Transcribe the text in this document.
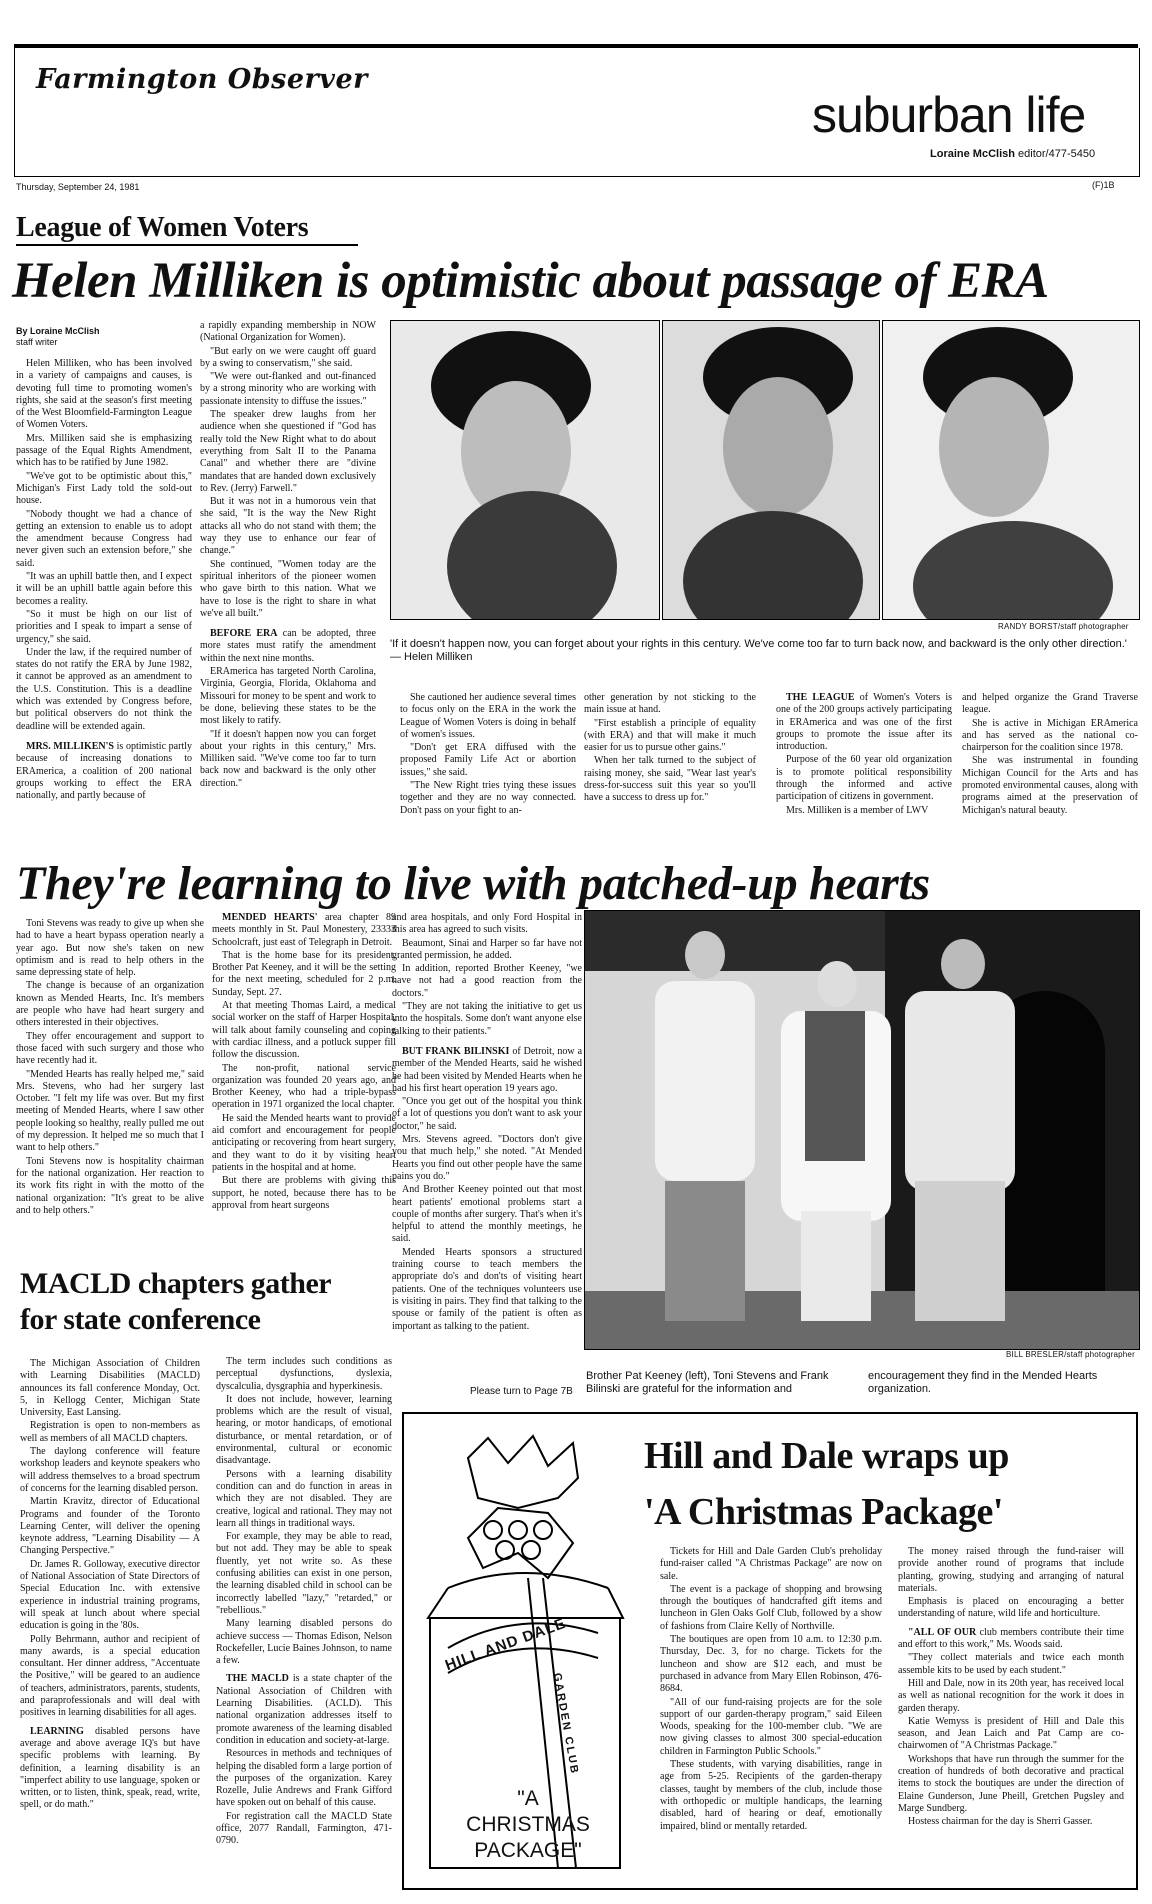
Farmington Observer
suburban life
Loraine McClish editor/477-5450
Thursday, September 24, 1981	(F)1B
League of Women Voters
Helen Milliken is optimistic about passage of ERA
By Loraine McClish
staff writer

Helen Milliken, who has been involved in a variety of campaigns and causes, is devoting full time to promoting women's rights, she said at the season's first meeting of the West Bloomfield-Farmington League of Women Voters.

Mrs. Milliken said she is emphasizing passage of the Equal Rights Amendment, which has to be ratified by June 1982.

"We've got to be optimistic about this," Michigan's First Lady told the sold-out house.

"Nobody thought we had a chance of getting an extension to enable us to adopt the amendment because Congress had never given such an extension before," she said.

"It was an uphill battle then, and I expect it will be an uphill battle again before this becomes a reality.

"So it must be high on our list of priorities and I speak to impart a sense of urgency," she said.

Under the law, if the required number of states do not ratify the ERA by June 1982, it cannot be approved as an amendment to the U.S. Constitution. This is a deadline which was extended by Congress before, but political observers do not think the deadline will be extended again.

MRS. MILLIKEN'S is optimistic partly because of increasing donations to ERAmerica, a coalition of 200 national groups working to effect the ERA nationally, and partly because of

a rapidly expanding membership in NOW (National Organization for Women).

"But early on we were caught off guard by a swing to conservatism," she said.

"We were out-flanked and out-financed by a strong minority who are working with passionate intensity to diffuse the issues."

The speaker drew laughs from her audience when she questioned if "God has really told the New Right what to do about everything from Salt II to the Panama Canal" and whether there are "divine mandates that are handed down exclusively to Rev. (Jerry) Farwell."

But it was not in a humorous vein that she said, "It is the way the New Right attacks all who do not stand with them; the way they use to enhance our fear of change."

She continued, "Women today are the spiritual inheritors of the pioneer women who gave birth to this nation. What we have to lose is the right to share in what we've all built."

BEFORE ERA can be adopted, three more states must ratify the amendment within the next nine months.

ERAmerica has targeted North Carolina, Virginia, Georgia, Florida, Oklahoma and Missouri for money to be spent and work to be done, believing these states to be the most likely to ratify.

"If it doesn't happen now you can forget about your rights in this century," Mrs. Milliken said. "We've come too far to turn back now and backward is the only other direction."

RANDY BORST/staff photographer
'If it doesn't happen now, you can forget about your rights in this century. We've come too far to turn back now, and backward is the only other direction.' — Helen Milliken

She cautioned her audience several times to focus only on the ERA in the work the League of Women Voters is doing in behalf of women's issues.

"Don't get ERA diffused with the proposed Family Life Act or abortion issues," she said.

"The New Right tries tying these issues together and they are no way connected. Don't pass on your fight to an-

other generation by not sticking to the main issue at hand.

"First establish a principle of equality (with ERA) and that will make it much easier for us to pursue other gains."

When her talk turned to the subject of raising money, she said, "Wear last year's dress-for-success suit this year so you'll have a success to dress up for."

THE LEAGUE of Women's Voters is one of the 200 groups actively participating in ERAmerica and was one of the first groups to promote the issue after its introduction.

Purpose of the 60 year old organization is to promote political responsibility through the informed and active participation of citizens in government.

Mrs. Milliken is a member of LWV

and helped organize the Grand Traverse league.

She is active in Michigan ERAmerica and has served as the national co-chairperson for the coalition since 1978.

She was instrumental in founding Michigan Council for the Arts and has promoted environmental causes, along with programs aimed at the preservation of Michigan's natural beauty.

They're learning to live with patched-up hearts

Toni Stevens was ready to give up when she had to have a heart bypass operation nearly a year ago. But now she's taken on new optimism and is read to help others in the same depressing state of help.

The change is because of an organization known as Mended Hearts, Inc. It's members are people who have had heart surgery and others interested in their objectives.

They offer encouragement and support to those faced with such surgery and those who have recently had it.

"Mended Hearts has really helped me," said Mrs. Stevens, who had her surgery last October. "I felt my life was over. But my first meeting of Mended Hearts, where I saw other people looking so healthy, really pulled me out of my depression. It helped me so much that I want to help others."

Toni Stevens now is hospitality chairman for the national organization. Her reaction to its work fits right in with the motto of the national organization: "It's great to be alive and to help others."

MENDED HEARTS' area chapter 89 meets monthly in St. Paul Monestery, 23333 Schoolcraft, just east of Telegraph in Detroit.

That is the home base for its president, Brother Pat Keeney, and it will be the setting for the next meeting, scheduled for 2 p.m. Sunday, Sept. 27.

At that meeting Thomas Laird, a medical social worker on the staff of Harper Hospital, will talk about family counseling and coping with cardiac illness, and a potluck supper fill follow the discussion.

The non-profit, national service organization was founded 20 years ago, and Brother Keeney, who had a triple-bypass operation in 1971 organized the local chapter.

He said the Mended hearts want to provide aid comfort and encouragement for people anticipating or recovering from heart surgery, and they want to do it by visiting heart patients in the hospital and at home.

But there are problems with giving this support, he noted, because there has to be approval from heart surgeons

and area hospitals, and only Ford Hospital in this area has agreed to such visits.

Beaumont, Sinai and Harper so far have not granted permission, he added.

In addition, reported Brother Keeney, "we have not had a good reaction from the doctors."

"They are not taking the initiative to get us into the hospitals. Some don't want anyone else talking to their patients."

BUT FRANK BILINSKI of Detroit, now a member of the Mended Hearts, said he wished he had been visited by Mended Hearts when he had his first heart operation 19 years ago.

"Once you get out of the hospital you think of a lot of questions you don't want to ask your doctor," he said.

Mrs. Stevens agreed. "Doctors don't give you that much help," she noted. "At Mended Hearts you find out other people have the same pains you do."

And Brother Keeney pointed out that most heart patients' emotional problems start a couple of months after surgery. That's when it's helpful to attend the monthly meetings, he said.

Mended Hearts sponsors a structured training course to teach members the appropriate do's and don'ts of visiting heart patients. One of the techniques volunteers use is visiting in pairs. They find that talking to the spouse or family of the patient is often as important as talking to the patient.

Please turn to Page 7B
BILL BRESLER/staff photographer
Brother Pat Keeney (left), Toni Stevens and Frank Bilinski are grateful for the information and encouragement they find in the Mended Hearts organization.
MACLD chapters gather
for state conference

The Michigan Association of Children with Learning Disabilities (MACLD) announces its fall conference Monday, Oct. 5, in Kellogg Center, Michigan State University, East Lansing.

Registration is open to non-members as well as members of all MACLD chapters.

The daylong conference will feature workshop leaders and keynote speakers who will address themselves to a broad spectrum of concerns for the learning disabled person.

Martin Kravitz, director of Educational Programs and founder of the Toronto Learning Center, will deliver the opening keynote address, "Learning Disability — A Changing Perspective."

Dr. James R. Golloway, executive director of National Association of State Directors of Special Education Inc. with extensive experience in industrial training programs, will speak at lunch about where special education is going in the '80s.

Polly Behrmann, author and recipient of many awards, is a special education consultant. Her dinner address, "Accentuate the Positive," will be geared to an audience of teachers, administrators, parents, students, and paraprofessionals and will deal with positives in learning disabilities for all ages.

LEARNING disabled persons have average and above average IQ's but have specific problems with learning. By definition, a learning disability is an "imperfect ability to use language, spoken or written, or to listen, think, speak, read, write, spell, or do math."

The term includes such conditions as perceptual dysfunctions, dyslexia, dyscalculia, dysgraphia and hyperkinesis.

It does not include, however, learning problems which are the result of visual, hearing, or motor handicaps, of emotional disturbance, or mental retardation, or of environmental, cultural or economic disadvantage.

Persons with a learning disability condition can and do function in areas in which they are not disabled. They are creative, logical and rational. They may not learn all things in traditional ways.

For example, they may be able to read, but not add. They may be able to speak fluently, yet not write so. As these confusing abilities can exist in one person, the learning disabled child in school can be incorrectly labelled "lazy," "retarded," or "rebellious."

Many learning disabled persons do achieve success — Thomas Edison, Nelson Rockefeller, Lucie Baines Johnson, to name a few.

THE MACLD is a state chapter of the National Association of Children with Learning Disabilities. (ACLD). This national organization addresses itself to promote awareness of the learning disabled condition in education and society-at-large.

Resources in methods and techniques of helping the disabled form a large portion of the purposes of the organization. Karey Rozelle, Julie Andrews and Frank Gifford have spoken out on behalf of this cause.

For registration call the MACLD State office, 2077 Randall, Farmington, 471-0790.

Hill and Dale wraps up
'A Christmas Package'
HILL AND DALE
GARDEN CLUB
"A
CHRISTMAS
PACKAGE"

Tickets for Hill and Dale Garden Club's preholiday fund-raiser called "A Christmas Package" are now on sale.

The event is a package of shopping and browsing through the boutiques of handcrafted gift items and luncheon in Glen Oaks Golf Club, followed by a show of fashions from Claire Kelly of Northville.

The boutiques are open from 10 a.m. to 12:30 p.m. Thursday, Dec. 3, for no charge. Tickets for the luncheon and show are $12 each, and must be purchased in advance from Mary Ellen Robinson, 476-8684.

"All of our fund-raising projects are for the sole support of our garden-therapy program," said Eileen Woods, speaking for the 100-member club. "We are now giving classes to almost 300 special-education children in Farmington Public Schools."

These students, with varying disabilities, range in age from 5-25. Recipients of the garden-therapy classes, taught by members of the club, include those with orthopedic or multiple handicaps, the learning disabled, hard of hearing or deaf, emotionally impaired, blind or mentally retarded.

The money raised through the fund-raiser will provide another round of programs that include planting, growing, studying and arranging of natural materials.

Emphasis is placed on encouraging a better understanding of nature, wild life and horticulture.

"ALL OF OUR club members contribute their time and effort to this work," Ms. Woods said.

"They collect materials and twice each month assemble kits to be used by each student."

Hill and Dale, now in its 20th year, has received local as well as national recognition for the work it does in garden therapy.

Katie Wemyss is president of Hill and Dale this season, and Jean Laich and Pat Camp are co-chairwomen of "A Christmas Package."

Workshops that have run through the summer for the creation of hundreds of both decorative and practical items to stock the boutiques are under the direction of Elaine Gunderson, June Pheill, Gretchen Pugsley and Marge Sundberg.

Hostess chairman for the day is Sherri Gasser.
